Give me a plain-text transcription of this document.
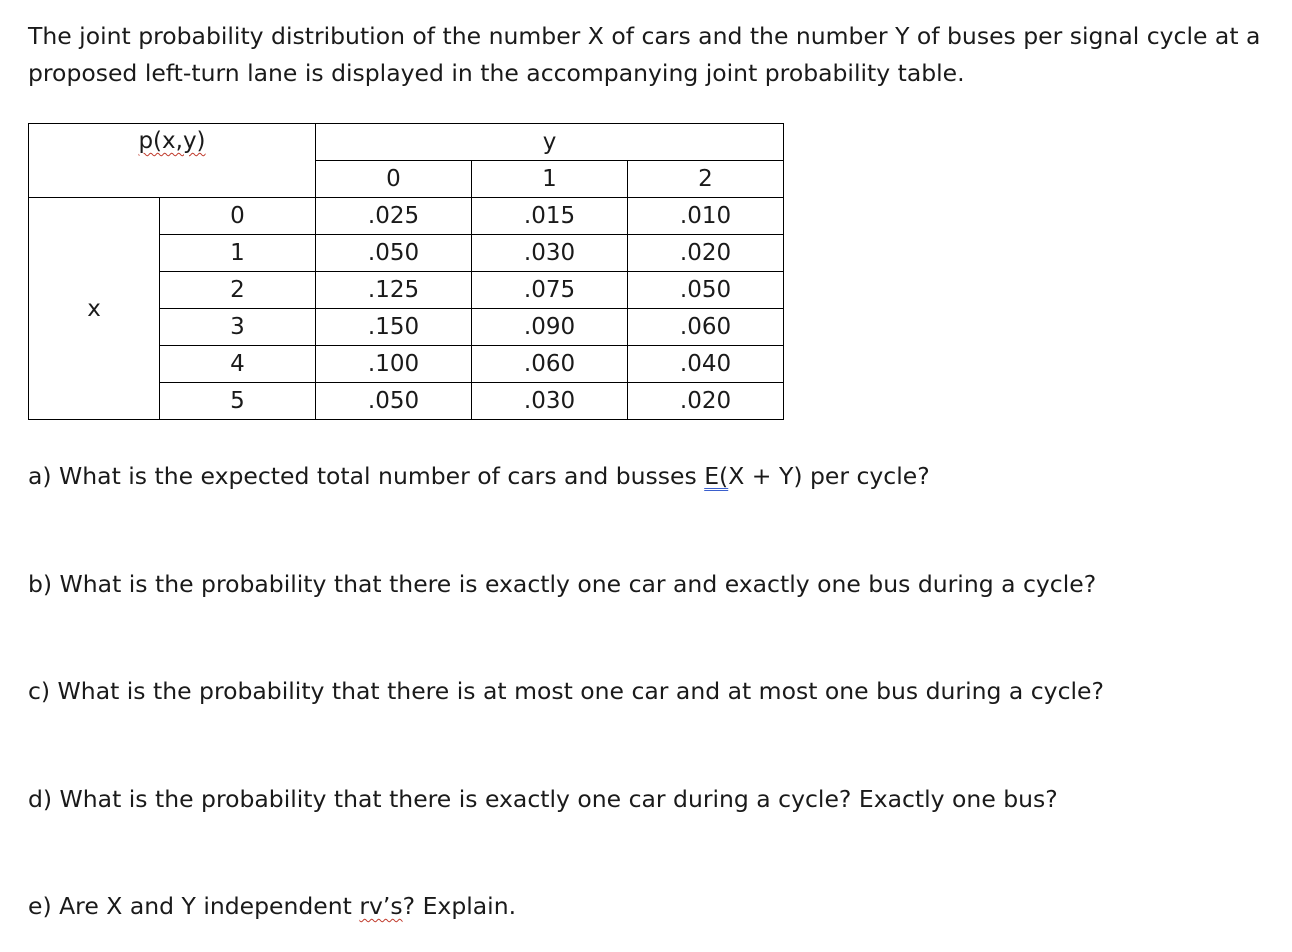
The joint probability distribution of the number X of cars and the number Y of buses per signal cycle at a proposed left-turn lane is displayed in the accompanying joint probability table.

p(x,y)		y		
		0	1	2
x	0	.025	.015	.010
	1	.050	.030	.020
	2	.125	.075	.050
	3	.150	.090	.060
	4	.100	.060	.040
	5	.050	.030	.020

a) What is the expected total number of cars and busses E(X + Y) per cycle?

b) What is the probability that there is exactly one car and exactly one bus during a cycle?

c) What is the probability that there is at most one car and at most one bus during a cycle?

d) What is the probability that there is exactly one car during a cycle? Exactly one bus?

e) Are X and Y independent rv’s? Explain.
